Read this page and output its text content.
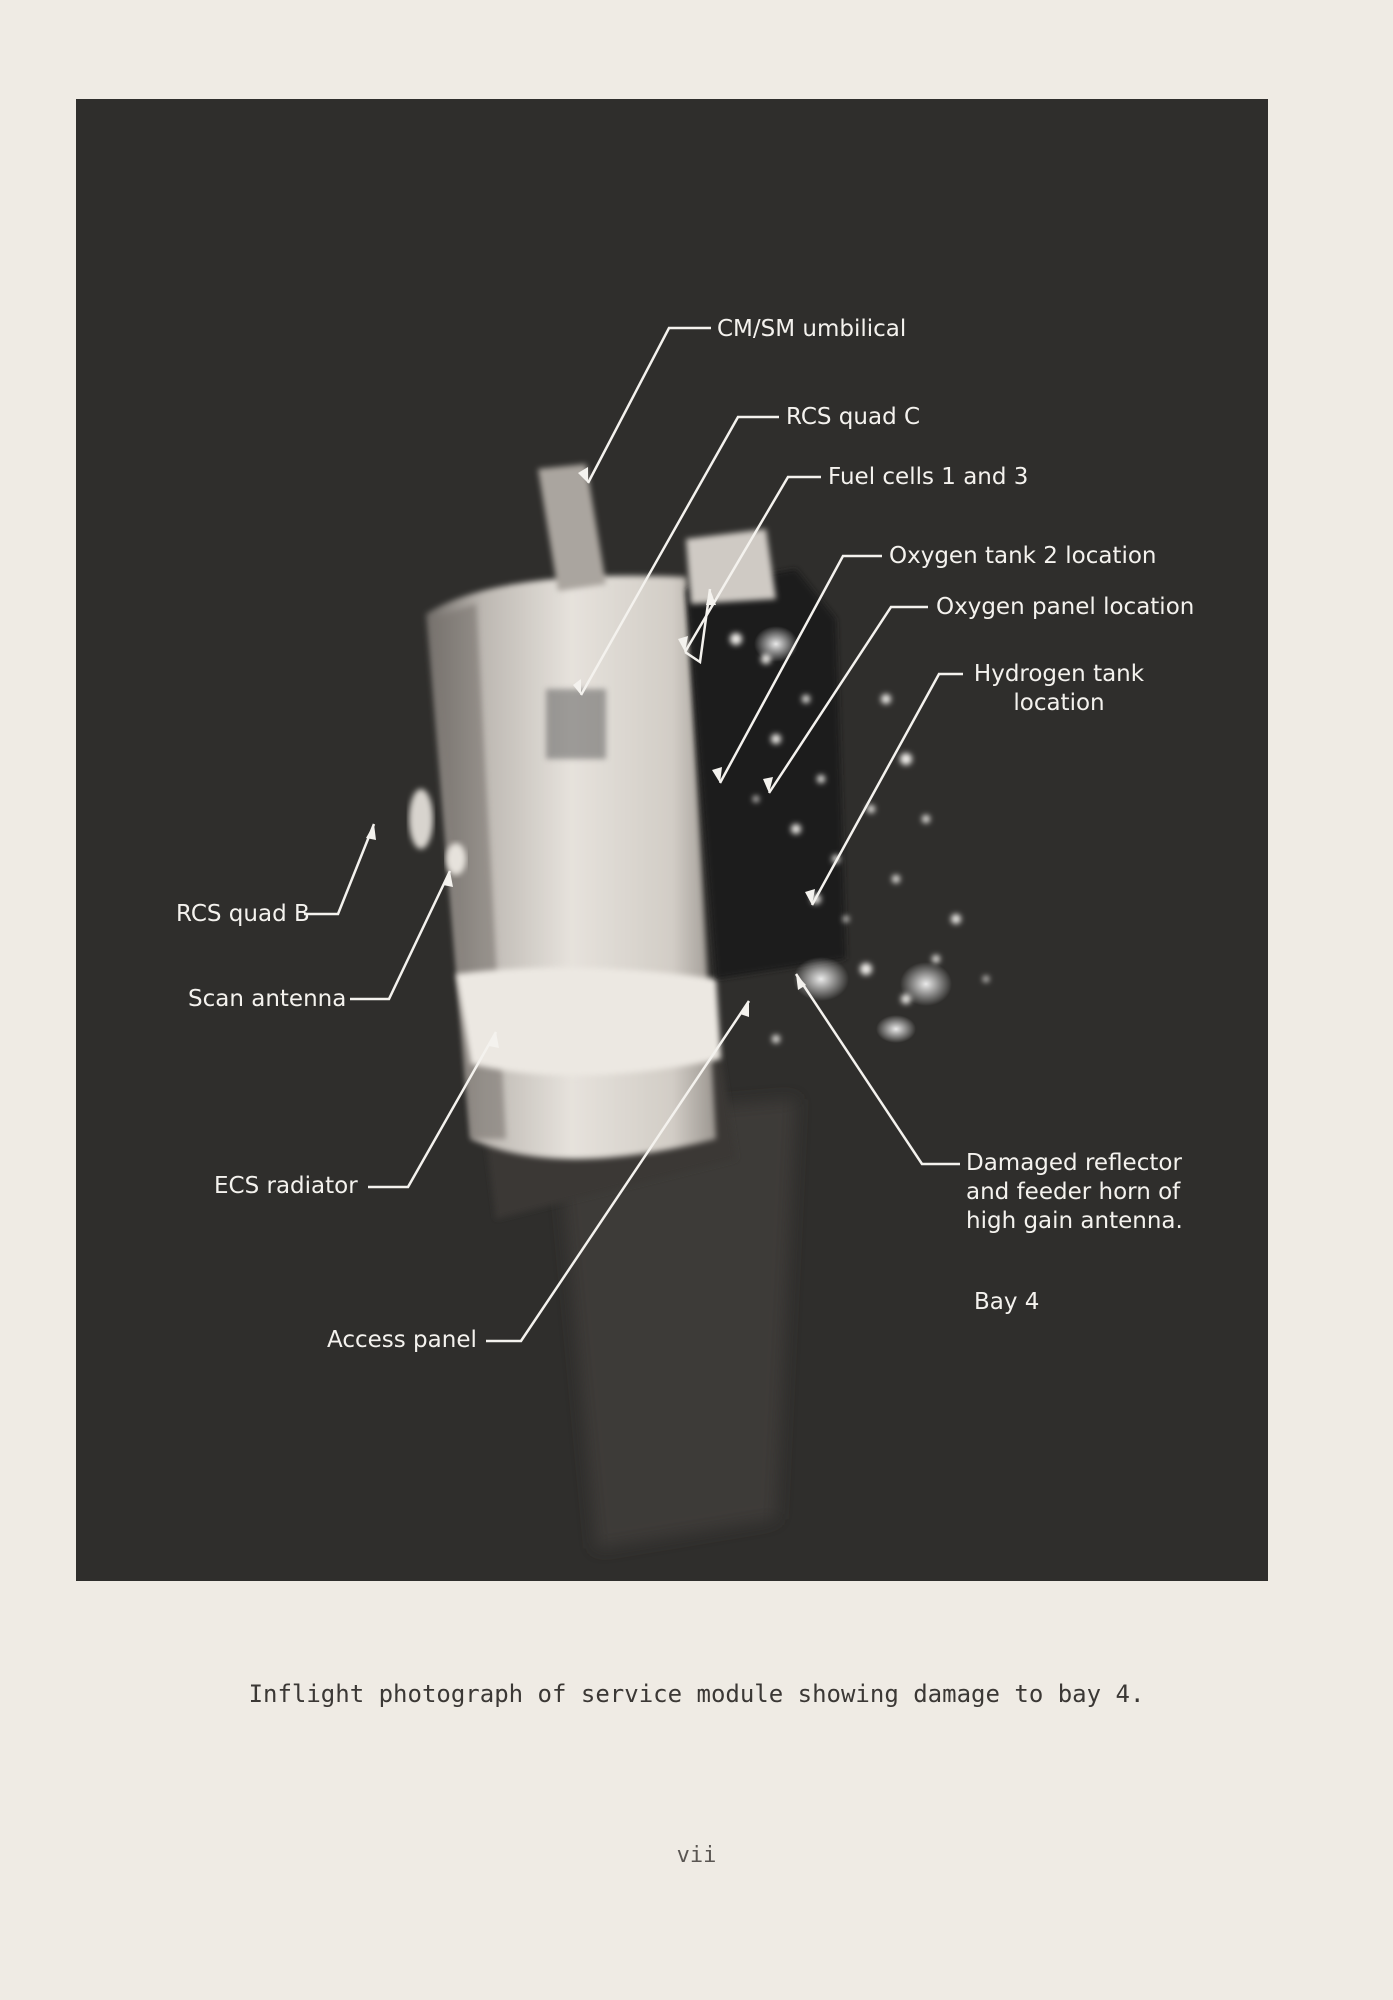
CM/SM umbilical
RCS quad C
Fuel cells 1 and 3
Oxygen tank 2 location
Oxygen panel location
Hydrogen tank
location
RCS quad B
Scan antenna
ECS radiator
Access panel
Damaged reflector
and feeder horn of
high gain antenna.
Bay 4
Inflight photograph of service module showing damage to bay 4.
vii
